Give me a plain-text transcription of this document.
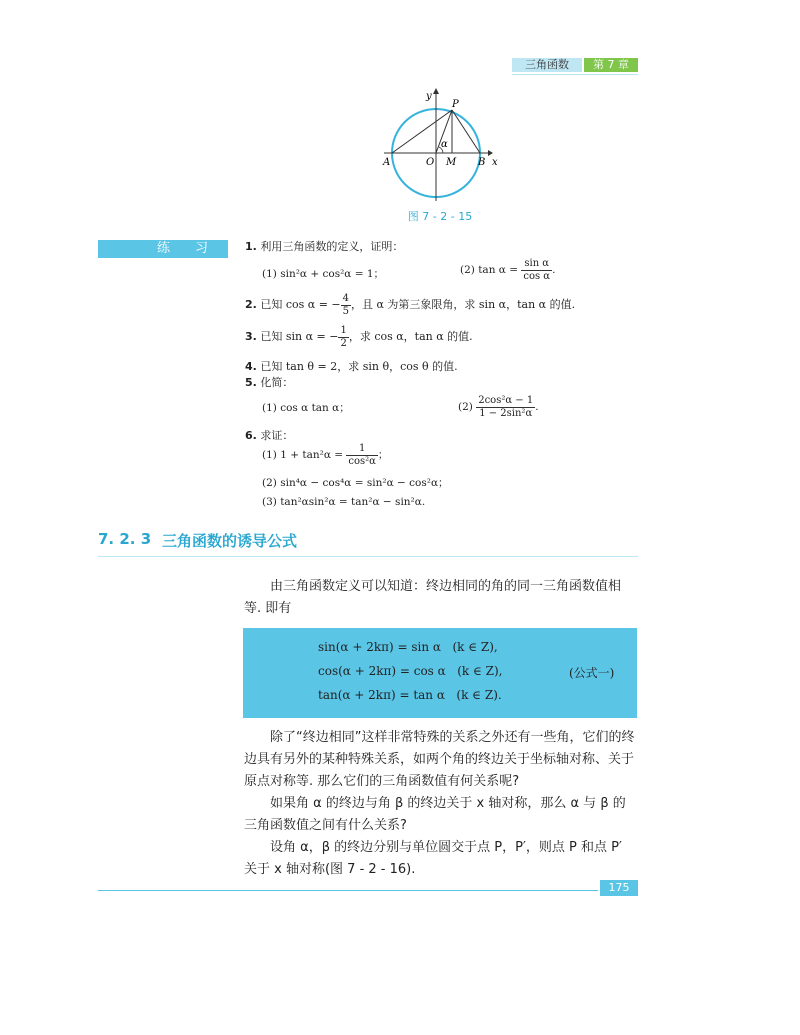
三角函数	第 7 章
y
P
α
A	O M B x
图 7 - 2 - 15
练　习	1. 利用三角函数的定义，证明：
(1) sin²α + cos²α = 1；	(2) $\tan \alpha = \frac{\text{sin α}}{\text{cos α}}$ .
2. 已知 cos α = − $\frac{4}{5}$ ，且 α 为第三象限角，求 sin α，tan α 的值.
3. 已知 sin α = − $\frac{1}{2}$ ，求 cos α，tan α 的值.
4. 已知 tan θ = 2，求 sin θ，cos θ 的值.
5. 化简：
(1) cos α tan α；	$(2) \frac{\text{2cos²α − 1}}{\text{1 − 2sin²α}}$ .
6. 求证：
(1) $1 + \tan^2\alpha = \frac{1}{\text{cos²α}}$ ；
(2) sin⁴α − cos⁴α = sin²α − cos²α；
(3) tan²αsin²α = tan²α − sin²α.
7. 2. 3 三角函数的诱导公式
由三角函数定义可以知道：终边相同的角的同一三角函数值相等. 即有
sin(α + 2kπ) = sin α   (k ∈ Z),
cos(α + 2kπ) = cos α   (k ∈ Z),
tan(α + 2kπ) = tan α   (k ∈ Z).
(公式一)
除了“终边相同”这样非常特殊的关系之外还有一些角，它们的终边具有另外的某种特殊关系，如两个角的终边关于坐标轴对称、关于原点对称等. 那么它们的三角函数值有何关系呢?
如果角 α 的终边与角 β 的终边关于 x 轴对称，那么 α 与 β 的三角函数值之间有什么关系?
设角 α，β 的终边分别与单位圆交于点 P，P′，则点 P 和点 P′ 关于 x 轴对称(图 7 - 2 - 16).
175
